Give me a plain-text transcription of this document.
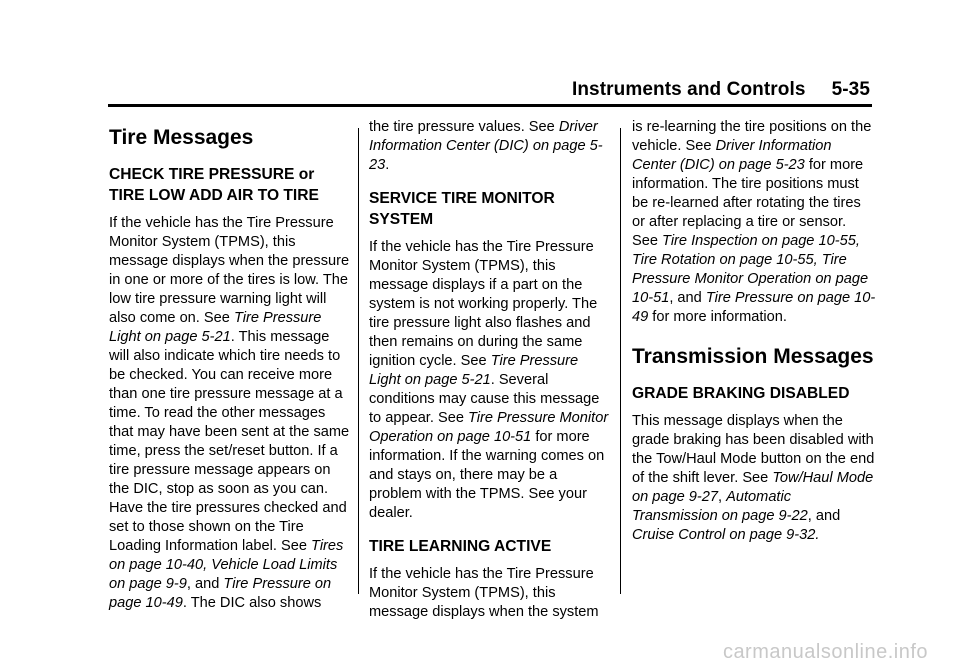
Instruments and Controls 5-35
Tire Messages
CHECK TIRE PRESSURE or TIRE LOW ADD AIR TO TIRE

If the vehicle has the Tire Pressure Monitor System (TPMS), this message displays when the pressure in one or more of the tires is low. The low tire pressure warning light will also come on. See Tire Pressure Light on page 5-21. This message will also indicate which tire needs to be checked. You can receive more than one tire pressure message at a time. To read the other messages that may have been sent at the same time, press the set/reset button. If a tire pressure message appears on the DIC, stop as soon as you can. Have the tire pressures checked and set to those shown on the Tire Loading Information label. See Tires on page 10-40, Vehicle Load Limits on page 9-9, and Tire Pressure on page 10-49. The DIC also shows

the tire pressure values. See Driver Information Center (DIC) on page 5-23.

SERVICE TIRE MONITOR SYSTEM

If the vehicle has the Tire Pressure Monitor System (TPMS), this message displays if a part on the system is not working properly. The tire pressure light also flashes and then remains on during the same ignition cycle. See Tire Pressure Light on page 5-21. Several conditions may cause this message to appear. See Tire Pressure Monitor Operation on page 10-51 for more information. If the warning comes on and stays on, there may be a problem with the TPMS. See your dealer.

TIRE LEARNING ACTIVE

If the vehicle has the Tire Pressure Monitor System (TPMS), this message displays when the system

is re-learning the tire positions on the vehicle. See Driver Information Center (DIC) on page 5-23 for more information. The tire positions must be re-learned after rotating the tires or after replacing a tire or sensor. See Tire Inspection on page 10-55, Tire Rotation on page 10-55, Tire Pressure Monitor Operation on page 10-51, and Tire Pressure on page 10-49 for more information.

Transmission Messages
GRADE BRAKING DISABLED

This message displays when the grade braking has been disabled with the Tow/Haul Mode button on the end of the shift lever. See Tow/Haul Mode on page 9-27, Automatic Transmission on page 9-22, and Cruise Control on page 9-32.

carmanualsonline.info
